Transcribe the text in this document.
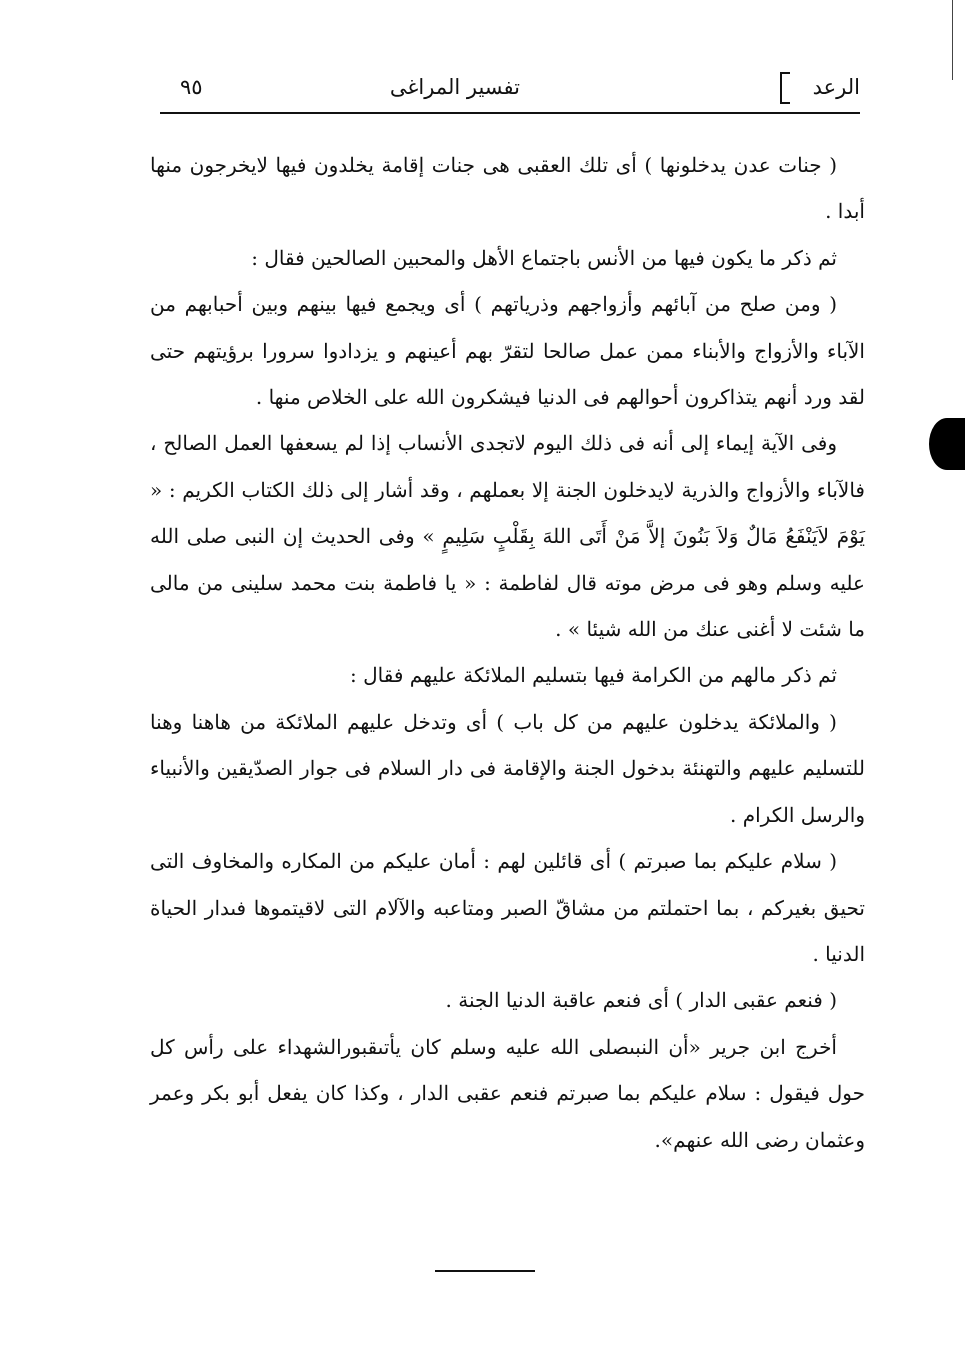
الرعد
تفسير المراغى
٩٥

( جنات عدن يدخلونها ) أى تلك العقبى هى جنات إقامة يخلدون فيها لايخرجون منها أبدا .

ثم ذكر ما يكون فيها من الأنس باجتماع الأهل والمحبين الصالحين فقال :

( ومن صلح من آبائهم وأزواجهم وذرياتهم ) أى ويجمع فيها بينهم وبين أحبابهم من الآباء والأزواج والأبناء ممن عمل صالحا لتقرّ بهم أعينهم و يزدادوا سرورا برؤيتهم حتى لقد ورد أنهم يتذاكرون أحوالهم فى الدنيا فيشكرون الله على الخلاص منها .

وفى الآية إيماء إلى أنه فى ذلك اليوم لاتجدى الأنساب إذا لم يسعفها العمل الصالح ، فالآباء والأزواج والذرية لايدخلون الجنة إلا بعملهم ، وقد أشار إلى ذلك الكتاب الكريم : « يَوْمَ لاَيَنْفَعُ مَالٌ وَلاَ بَنُونَ إلاَّ مَنْ أَتَى اللهَ بِقَلْبٍ سَلِيمٍ » وفى الحديث إن النبى صلى الله عليه وسلم وهو فى مرض موته قال لفاطمة : « يا فاطمة بنت محمد سلينى من مالى ما شئت لا أغنى عنك من الله شيئا » .

ثم ذكر مالهم من الكرامة فيها بتسليم الملائكة عليهم فقال :

( والملائكة يدخلون عليهم من كل باب ) أى وتدخل عليهم الملائكة من هاهنا وهنا للتسليم عليهم والتهنئة بدخول الجنة والإقامة فى دار السلام فى جوار الصدّيقين والأنبياء والرسل الكرام .

( سلام عليكم بما صبرتم ) أى قائلين لهم : أمان عليكم من المكاره والمخاوف التى تحيق بغيركم ، بما احتملتم من مشاقّ الصبر ومتاعبه والآلام التى لاقيتموها فىدار الحياة الدنيا .

( فنعم عقبى الدار ) أى فنعم عاقبة الدنيا الجنة .

أخرج ابن جرير «أن النبىصلى الله عليه وسلم كان يأتىقبورالشهداء على رأس كل حول فيقول : سلام عليكم بما صبرتم فنعم عقبى الدار ، وكذا كان يفعل أبو بكر وعمر وعثمان رضى الله عنهم».
